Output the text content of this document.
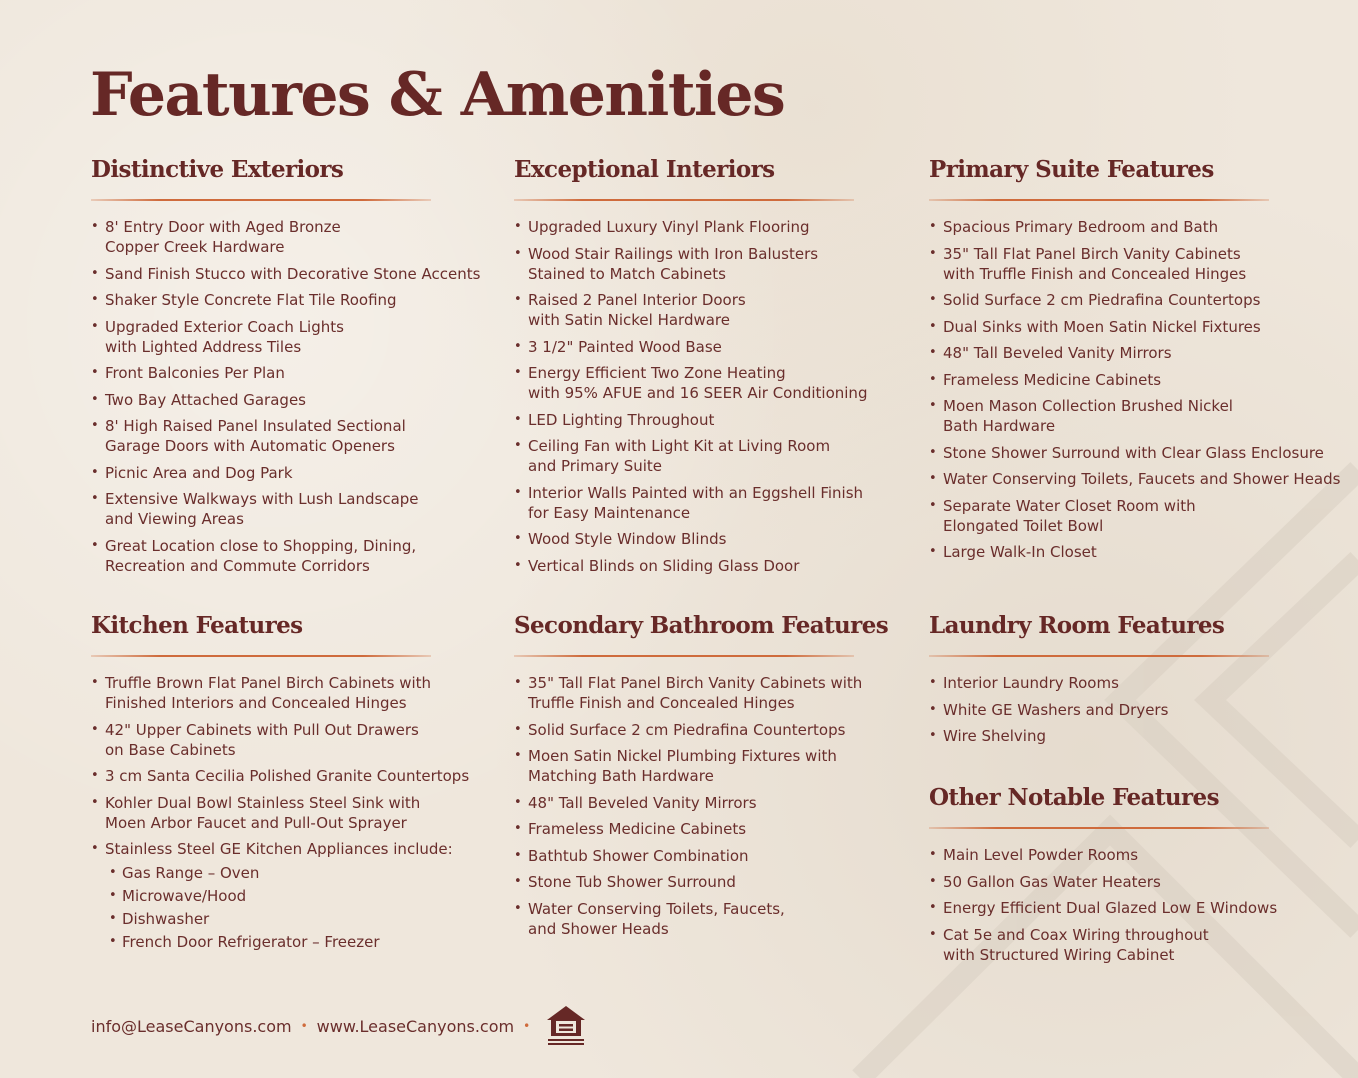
Features & Amenities
Distinctive Exteriors
• 8' Entry Door with Aged Bronze
Copper Creek Hardware
• Sand Finish Stucco with Decorative Stone Accents
• Shaker Style Concrete Flat Tile Roofing
• Upgraded Exterior Coach Lights
with Lighted Address Tiles
• Front Balconies Per Plan
• Two Bay Attached Garages
• 8' High Raised Panel Insulated Sectional
Garage Doors with Automatic Openers
• Picnic Area and Dog Park
• Extensive Walkways with Lush Landscape
and Viewing Areas
• Great Location close to Shopping, Dining,
Recreation and Commute Corridors
Exceptional Interiors
• Upgraded Luxury Vinyl Plank Flooring
• Wood Stair Railings with Iron Balusters
Stained to Match Cabinets
• Raised 2 Panel Interior Doors
with Satin Nickel Hardware
• 3 1/2" Painted Wood Base
• Energy Efficient Two Zone Heating
with 95% AFUE and 16 SEER Air Conditioning
• LED Lighting Throughout
• Ceiling Fan with Light Kit at Living Room
and Primary Suite
• Interior Walls Painted with an Eggshell Finish
for Easy Maintenance
• Wood Style Window Blinds
• Vertical Blinds on Sliding Glass Door
Primary Suite Features
• Spacious Primary Bedroom and Bath
• 35" Tall Flat Panel Birch Vanity Cabinets
with Truffle Finish and Concealed Hinges
• Solid Surface 2 cm Piedrafina Countertops
• Dual Sinks with Moen Satin Nickel Fixtures
• 48" Tall Beveled Vanity Mirrors
• Frameless Medicine Cabinets
• Moen Mason Collection Brushed Nickel
Bath Hardware
• Stone Shower Surround with Clear Glass Enclosure
• Water Conserving Toilets, Faucets and Shower Heads
• Separate Water Closet Room with
Elongated Toilet Bowl
• Large Walk-In Closet
Kitchen Features
• Truffle Brown Flat Panel Birch Cabinets with
Finished Interiors and Concealed Hinges
• 42" Upper Cabinets with Pull Out Drawers
on Base Cabinets
• 3 cm Santa Cecilia Polished Granite Countertops
• Kohler Dual Bowl Stainless Steel Sink with
Moen Arbor Faucet and Pull-Out Sprayer
• Stainless Steel GE Kitchen Appliances include:
• Gas Range – Oven
• Microwave/Hood
• Dishwasher
• French Door Refrigerator – Freezer
Secondary Bathroom Features
• 35" Tall Flat Panel Birch Vanity Cabinets with
Truffle Finish and Concealed Hinges
• Solid Surface 2 cm Piedrafina Countertops
• Moen Satin Nickel Plumbing Fixtures with
Matching Bath Hardware
• 48" Tall Beveled Vanity Mirrors
• Frameless Medicine Cabinets
• Bathtub Shower Combination
• Stone Tub Shower Surround
• Water Conserving Toilets, Faucets,
and Shower Heads
Laundry Room Features
• Interior Laundry Rooms
• White GE Washers and Dryers
• Wire Shelving
Other Notable Features
• Main Level Powder Rooms
• 50 Gallon Gas Water Heaters
• Energy Efficient Dual Glazed Low E Windows
• Cat 5e and Coax Wiring throughout
with Structured Wiring Cabinet
info@LeaseCanyons.com • www.LeaseCanyons.com •
